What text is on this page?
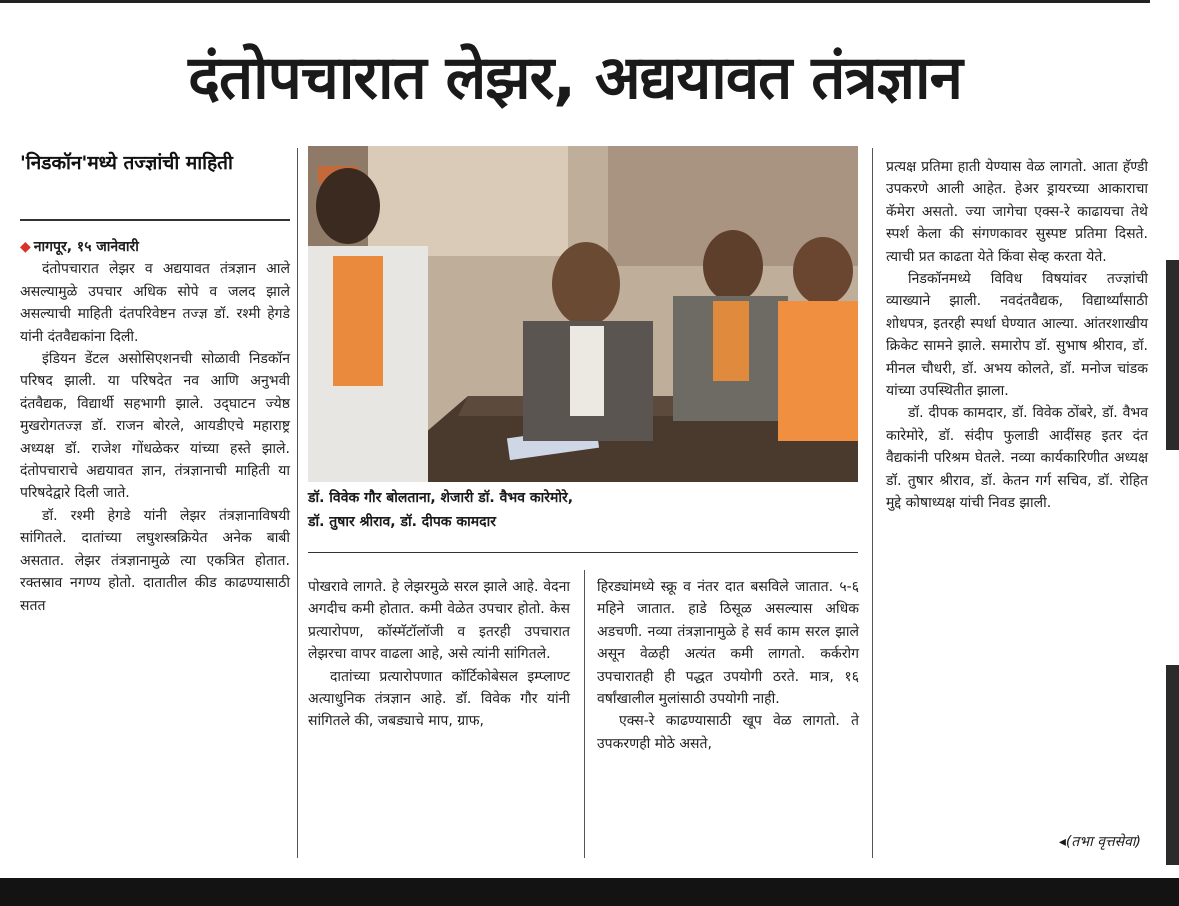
दंतोपचारात लेझर, अद्ययावत तंत्रज्ञान
'निडकॉन'मध्ये तज्ज्ञांची माहिती

◆ नागपूर, १५ जानेवारी

दंतोपचारात लेझर व अद्ययावत तंत्रज्ञान आले असल्यामुळे उपचार अधिक सोपे व जलद झाले असल्याची माहिती दंतपरिवेष्टन तज्ज्ञ डॉ. रश्मी हेगडे यांनी दंतवैद्यकांना दिली.

इंडियन डेंटल असोसिएशनची सोळावी निडकॉन परिषद झाली. या परिषदेत नव आणि अनुभवी दंतवैद्यक, विद्यार्थी सहभागी झाले. उद्‌घाटन ज्येष्ठ मुखरोगतज्ज्ञ डॉ. राजन बोरले, आयडीएचे महाराष्ट्र अध्यक्ष डॉ. राजेश गोंधळेकर यांच्या हस्ते झाले. दंतोपचाराचे अद्ययावत ज्ञान, तंत्रज्ञानाची माहिती या परिषदेद्वारे दिली जाते.

डॉ. रश्मी हेगडे यांनी लेझर तंत्रज्ञानाविषयी सांगितले. दातांच्या लघुशस्त्रक्रियेत अनेक बाबी असतात. लेझर तंत्रज्ञानामुळे त्या एकत्रित होतात. रक्तस्राव नगण्य होतो. दातातील कीड काढण्यासाठी सतत

डॉ. विवेक गौर बोलताना, शेजारी डॉ. वैभव कारेमोरे,
डॉ. तुषार श्रीराव, डॉ. दीपक कामदार

पोखरावे लागते. हे लेझरमुळे सरल झाले आहे. वेदना अगदीच कमी होतात. कमी वेळेत उपचार होतो. केस प्रत्यारोपण, कॉस्मॅटॉलॉजी व इतरही उपचारात लेझरचा वापर वाढला आहे, असे त्यांनी सांगितले.

दातांच्या प्रत्यारोपणात कॉर्टिकोबेसल इम्प्लाण्ट अत्याधुनिक तंत्रज्ञान आहे. डॉ. विवेक गौर यांनी सांगितले की, जबड्याचे माप, ग्राफ,

हिरड्यांमध्ये स्क्रू व नंतर दात बसविले जातात. ५-६ महिने जातात. हाडे ठिसूळ असल्यास अधिक अडचणी. नव्या तंत्रज्ञानामुळे हे सर्व काम सरल झाले असून वेळही अत्यंत कमी लागतो. कर्करोग उपचारातही ही पद्धत उपयोगी ठरते. मात्र, १६ वर्षांखालील मुलांसाठी उपयोगी नाही.

एक्स-रे काढण्यासाठी खूप वेळ लागतो. ते उपकरणही मोठे असते,

प्रत्यक्ष प्रतिमा हाती येण्यास वेळ लागतो. आता हॅण्डी उपकरणे आली आहेत. हेअर ड्रायरच्या आकाराचा कॅमेरा असतो. ज्या जागेचा एक्स-रे काढायचा तेथे स्पर्श केला की संगणकावर सुस्पष्ट प्रतिमा दिसते. त्याची प्रत काढता येते किंवा सेव्ह करता येते.

निडकॉनमध्ये विविध विषयांवर तज्ज्ञांची व्याख्याने झाली. नवदंतवैद्यक, विद्यार्थ्यांसाठी शोधपत्र, इतरही स्पर्धा घेण्यात आल्या. आंतरशाखीय क्रिकेट सामने झाले. समारोप डॉ. सुभाष श्रीराव, डॉ. मीनल चौधरी, डॉ. अभय कोलते, डॉ. मनोज चांडक यांच्या उपस्थितीत झाला.

डॉ. दीपक कामदार, डॉ. विवेक ठोंबरे, डॉ. वैभव कारेमोरे, डॉ. संदीप फुलाडी आदींसह इतर दंत वैद्यकांनी परिश्रम घेतले. नव्या कार्यकारिणीत अध्यक्ष डॉ. तुषार श्रीराव, डॉ. केतन गर्ग सचिव, डॉ. रोहित मुद्दे कोषाध्यक्ष यांची निवड झाली.

◂(तभा वृत्तसेवा)
